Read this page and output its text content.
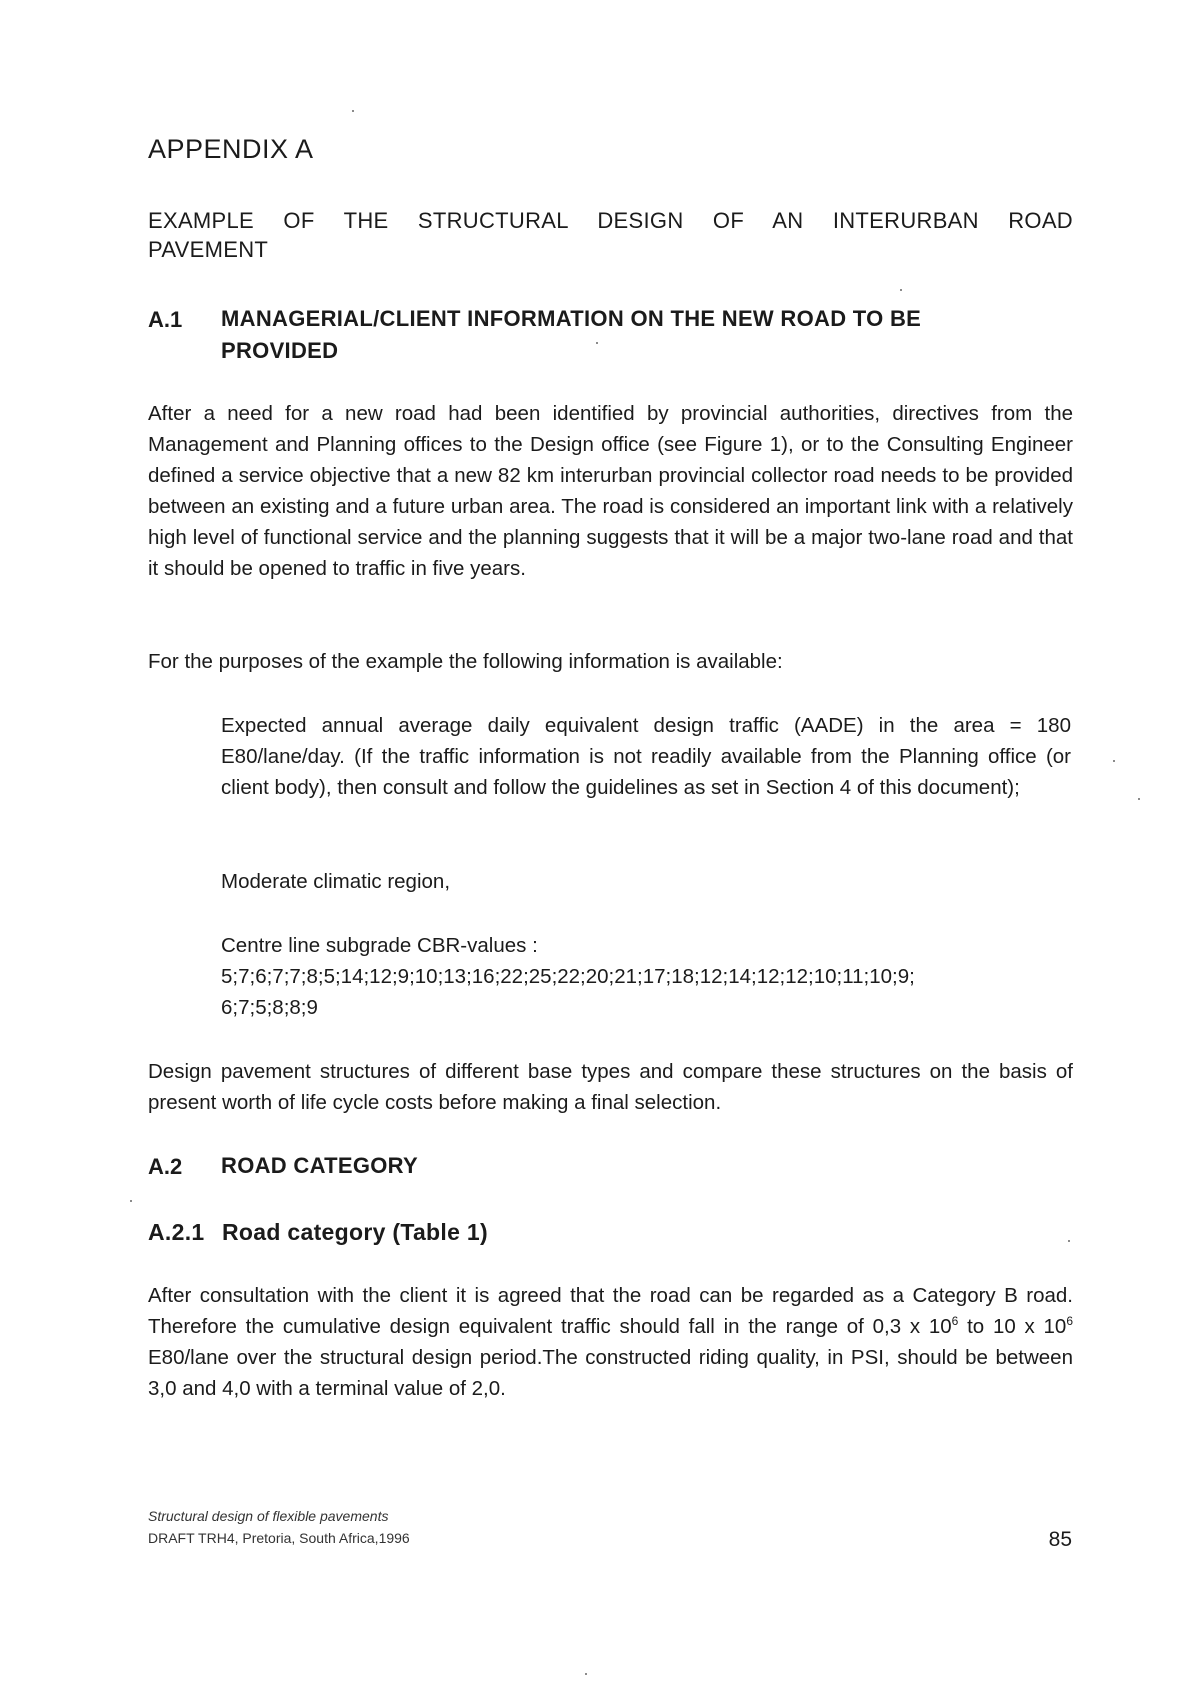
APPENDIX A
EXAMPLE OF THE STRUCTURAL DESIGN OF AN INTERURBAN ROAD
PAVEMENT
A.1 MANAGERIAL/CLIENT INFORMATION ON THE NEW ROAD TO BE
PROVIDED

After a need for a new road had been identified by provincial authorities, directives from the Management and Planning offices to the Design office (see Figure 1), or to the Consulting Engineer defined a service objective that a new 82 km interurban provincial collector road needs to be provided between an existing and a future urban area. The road is considered an important link with a relatively high level of functional service and the planning suggests that it will be a major two-lane road and that it should be opened to traffic in five years.

For the purposes of the example the following information is available:

Expected annual average daily equivalent design traffic (AADE) in the area = 180 E80/lane/day. (If the traffic information is not readily available from the Planning office (or client body), then consult and follow the guidelines as set in Section 4 of this document);
Moderate climatic region,
Centre line subgrade CBR-values :
5;7;6;7;7;8;5;14;12;9;10;13;16;22;25;22;20;21;17;18;12;14;12;12;10;11;10;9;
6;7;5;8;8;9

Design pavement structures of different base types and compare these structures on the basis of present worth of life cycle costs before making a final selection.

A.2 ROAD CATEGORY
A.2.1 Road category (Table 1)

After consultation with the client it is agreed that the road can be regarded as a Category B road. Therefore the cumulative design equivalent traffic should fall in the range of 0,3 x $10^6$ to 10 x $10^6$ E80/lane over the structural design period.The constructed riding quality, in PSI, should be between 3,0 and 4,0 with a terminal value of 2,0.

Structural design of flexible pavements
DRAFT TRH4, Pretoria, South Africa,1996	85
